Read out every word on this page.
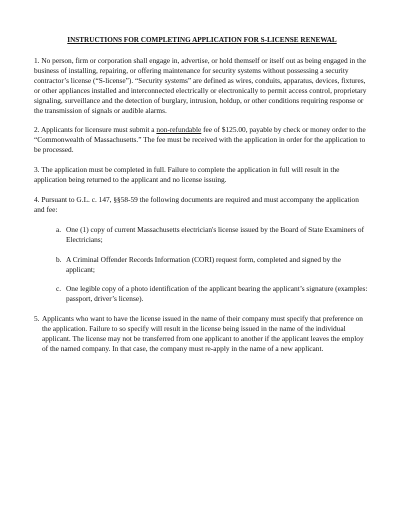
INSTRUCTIONS FOR COMPLETING APPLICATION FOR S-LICENSE RENEWAL

1. No person, firm or corporation shall engage in, advertise, or hold themself or itself out as being engaged in the business of installing, repairing, or offering maintenance for security systems without possessing a security contractor’s license (“S-license”). “Security systems” are defined as wires, conduits, apparatus, devices, fixtures, or other appliances installed and interconnected electrically or electronically to permit access control, proprietary signaling, surveillance and the detection of burglary, intrusion, holdup, or other conditions requiring response or the transmission of signals or audible alarms.

2. Applicants for licensure must submit a non-refundable fee of $125.00, payable by check or money order to the “Commonwealth of Massachusetts.” The fee must be received with the application in order for the application to be processed.

3. The application must be completed in full. Failure to complete the application in full will result in the application being returned to the applicant and no license issuing.

4. Pursuant to G.L. c. 147, §§58-59 the following documents are required and must accompany the application and fee:

a. One (1) copy of current Massachusetts electrician's license issued by the Board of State Examiners of Electricians;
b. A Criminal Offender Records Information (CORI) request form, completed and signed by the applicant;
c. One legible copy of a photo identification of the applicant bearing the applicant’s signature (examples: passport, driver’s license).
5. Applicants who want to have the license issued in the name of their company must specify that preference on the application. Failure to so specify will result in the license being issued in the name of the individual applicant. The license may not be transferred from one applicant to another if the applicant leaves the employ of the named company. In that case, the company must re-apply in the name of a new applicant.
